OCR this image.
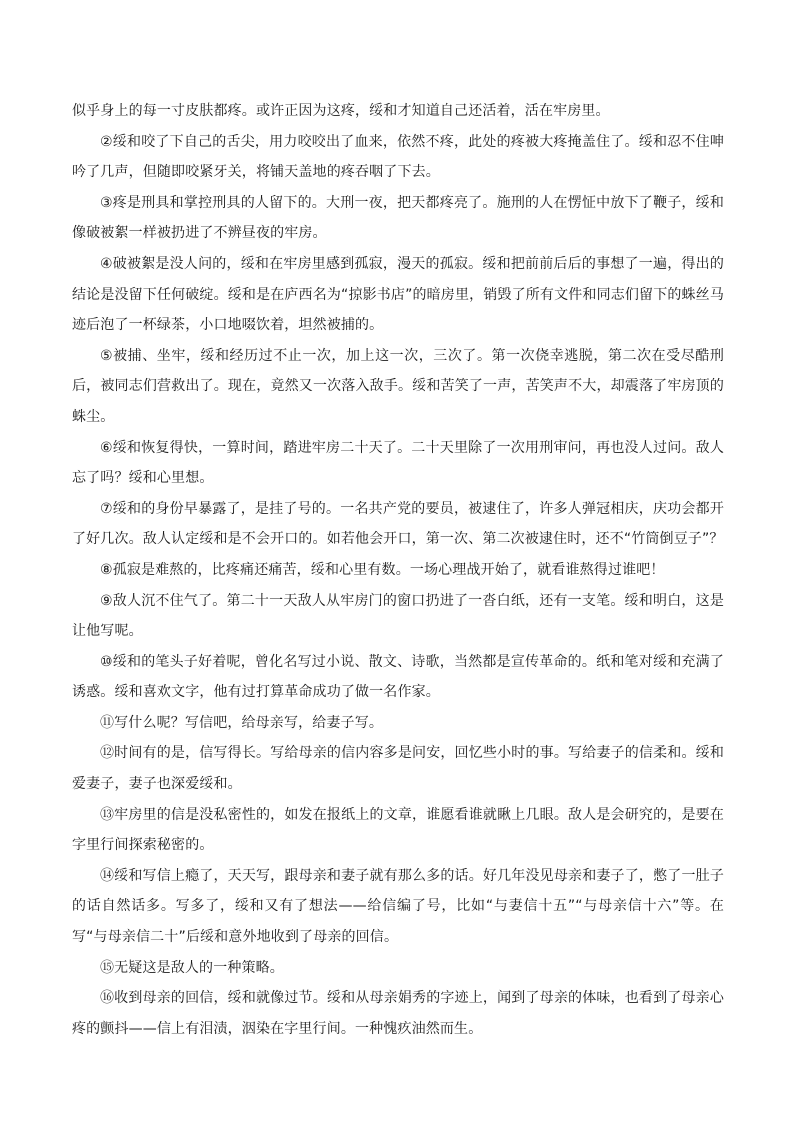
似乎身上的每一寸皮肤都疼。或许正因为这疼，绥和才知道自己还活着，活在牢房里。

②绥和咬了下自己的舌尖，用力咬咬出了血来，依然不疼，此处的疼被大疼掩盖住了。绥和忍不住呻吟了几声，但随即咬紧牙关，将铺天盖地的疼吞咽了下去。

③疼是刑具和掌控刑具的人留下的。大刑一夜，把天都疼亮了。施刑的人在愣怔中放下了鞭子，绥和像破被絮一样被扔进了不辨昼夜的牢房。

④破被絮是没人问的，绥和在牢房里感到孤寂，漫天的孤寂。绥和把前前后后的事想了一遍，得出的结论是没留下任何破绽。绥和是在庐西名为“掠影书店”的暗房里，销毁了所有文件和同志们留下的蛛丝马迹后泡了一杯绿茶，小口地啜饮着，坦然被捕的。

⑤被捕、坐牢，绥和经历过不止一次，加上这一次，三次了。第一次侥幸逃脱，第二次在受尽酷刑后，被同志们营救出了。现在，竟然又一次落入敌手。绥和苦笑了一声，苦笑声不大，却震落了牢房顶的蛛尘。

⑥绥和恢复得快，一算时间，踏进牢房二十天了。二十天里除了一次用刑审问，再也没人过问。敌人忘了吗？绥和心里想。

⑦绥和的身份早暴露了，是挂了号的。一名共产党的要员，被逮住了，许多人弹冠相庆，庆功会都开了好几次。敌人认定绥和是不会开口的。如若他会开口，第一次、第二次被逮住时，还不“竹筒倒豆子”？

⑧孤寂是难熬的，比疼痛还痛苦，绥和心里有数。一场心理战开始了，就看谁熬得过谁吧！

⑨敌人沉不住气了。第二十一天敌人从牢房门的窗口扔进了一沓白纸，还有一支笔。绥和明白，这是让他写呢。

⑩绥和的笔头子好着呢，曾化名写过小说、散文、诗歌，当然都是宣传革命的。纸和笔对绥和充满了诱惑。绥和喜欢文字，他有过打算革命成功了做一名作家。

⑪写什么呢？写信吧，给母亲写，给妻子写。

⑫时间有的是，信写得长。写给母亲的信内容多是问安，回忆些小时的事。写给妻子的信柔和。绥和爱妻子，妻子也深爱绥和。

⑬牢房里的信是没私密性的，如发在报纸上的文章，谁愿看谁就瞅上几眼。敌人是会研究的，是要在字里行间探索秘密的。

⑭绥和写信上瘾了，天天写，跟母亲和妻子就有那么多的话。好几年没见母亲和妻子了，憋了一肚子的话自然话多。写多了，绥和又有了想法——给信编了号，比如“与妻信十五”“与母亲信十六”等。在写“与母亲信二十”后绥和意外地收到了母亲的回信。

⑮无疑这是敌人的一种策略。

⑯收到母亲的回信，绥和就像过节。绥和从母亲娟秀的字迹上，闻到了母亲的体味，也看到了母亲心疼的颤抖——信上有泪渍，洇染在字里行间。一种愧疚油然而生。
